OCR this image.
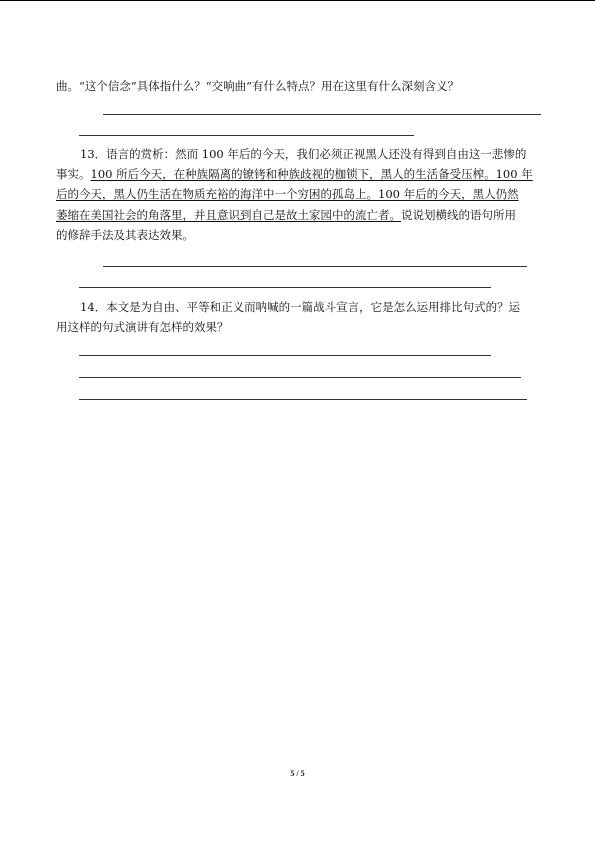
曲。“这个信念”具体指什么？“交响曲”有什么特点？用在这里有什么深刻含义？
13．语言的赏析：然而 100 年后的今天，我们必须正视黑人还没有得到自由这一悲惨的
事实。100 所后今天，在种族隔离的镣铐和种族歧视的枷锁下，黑人的生活备受压榨。100 年
后的今天，黑人仍生活在物质充裕的海洋中一个穷困的孤岛上。100 年后的今天，黑人仍然
萎缩在美国社会的角落里，并且意识到自己是故土家园中的流亡者。说说划横线的语句所用
的修辞手法及其表达效果。
14．本文是为自由、平等和正义而呐喊的一篇战斗宣言，它是怎么运用排比句式的？运
用这样的句式演讲有怎样的效果？
5 / 5
